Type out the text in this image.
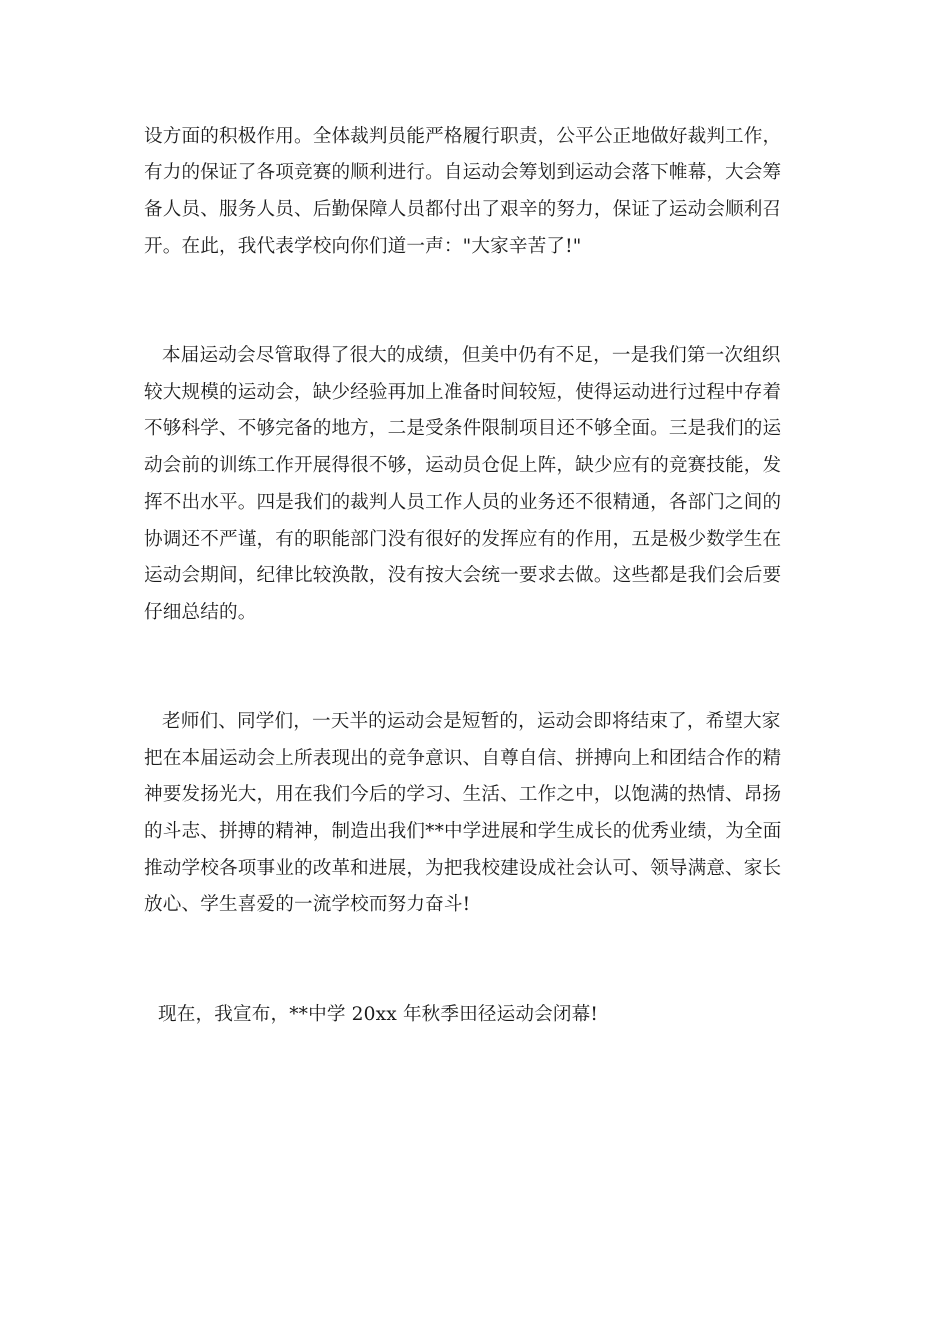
设方面的积极作用。全体裁判员能严格履行职责，公平公正地做好裁判工作，
有力的保证了各项竞赛的顺利进行。自运动会筹划到运动会落下帷幕，大会筹
备人员、服务人员、后勤保障人员都付出了艰辛的努力，保证了运动会顺利召
开。在此，我代表学校向你们道一声："大家辛苦了!"
本届运动会尽管取得了很大的成绩，但美中仍有不足，一是我们第一次组织
较大规模的运动会，缺少经验再加上准备时间较短，使得运动进行过程中存着
不够科学、不够完备的地方，二是受条件限制项目还不够全面。三是我们的运
动会前的训练工作开展得很不够，运动员仓促上阵，缺少应有的竞赛技能，发
挥不出水平。四是我们的裁判人员工作人员的业务还不很精通，各部门之间的
协调还不严谨，有的职能部门没有很好的发挥应有的作用，五是极少数学生在
运动会期间，纪律比较涣散，没有按大会统一要求去做。这些都是我们会后要
仔细总结的。
老师们、同学们，一天半的运动会是短暂的，运动会即将结束了，希望大家
把在本届运动会上所表现出的竞争意识、自尊自信、拼搏向上和团结合作的精
神要发扬光大，用在我们今后的学习、生活、工作之中，以饱满的热情、昂扬
的斗志、拼搏的精神，制造出我们**中学进展和学生成长的优秀业绩，为全面
推动学校各项事业的改革和进展，为把我校建设成社会认可、领导满意、家长
放心、学生喜爱的一流学校而努力奋斗!
现在，我宣布，**中学 20xx 年秋季田径运动会闭幕!
